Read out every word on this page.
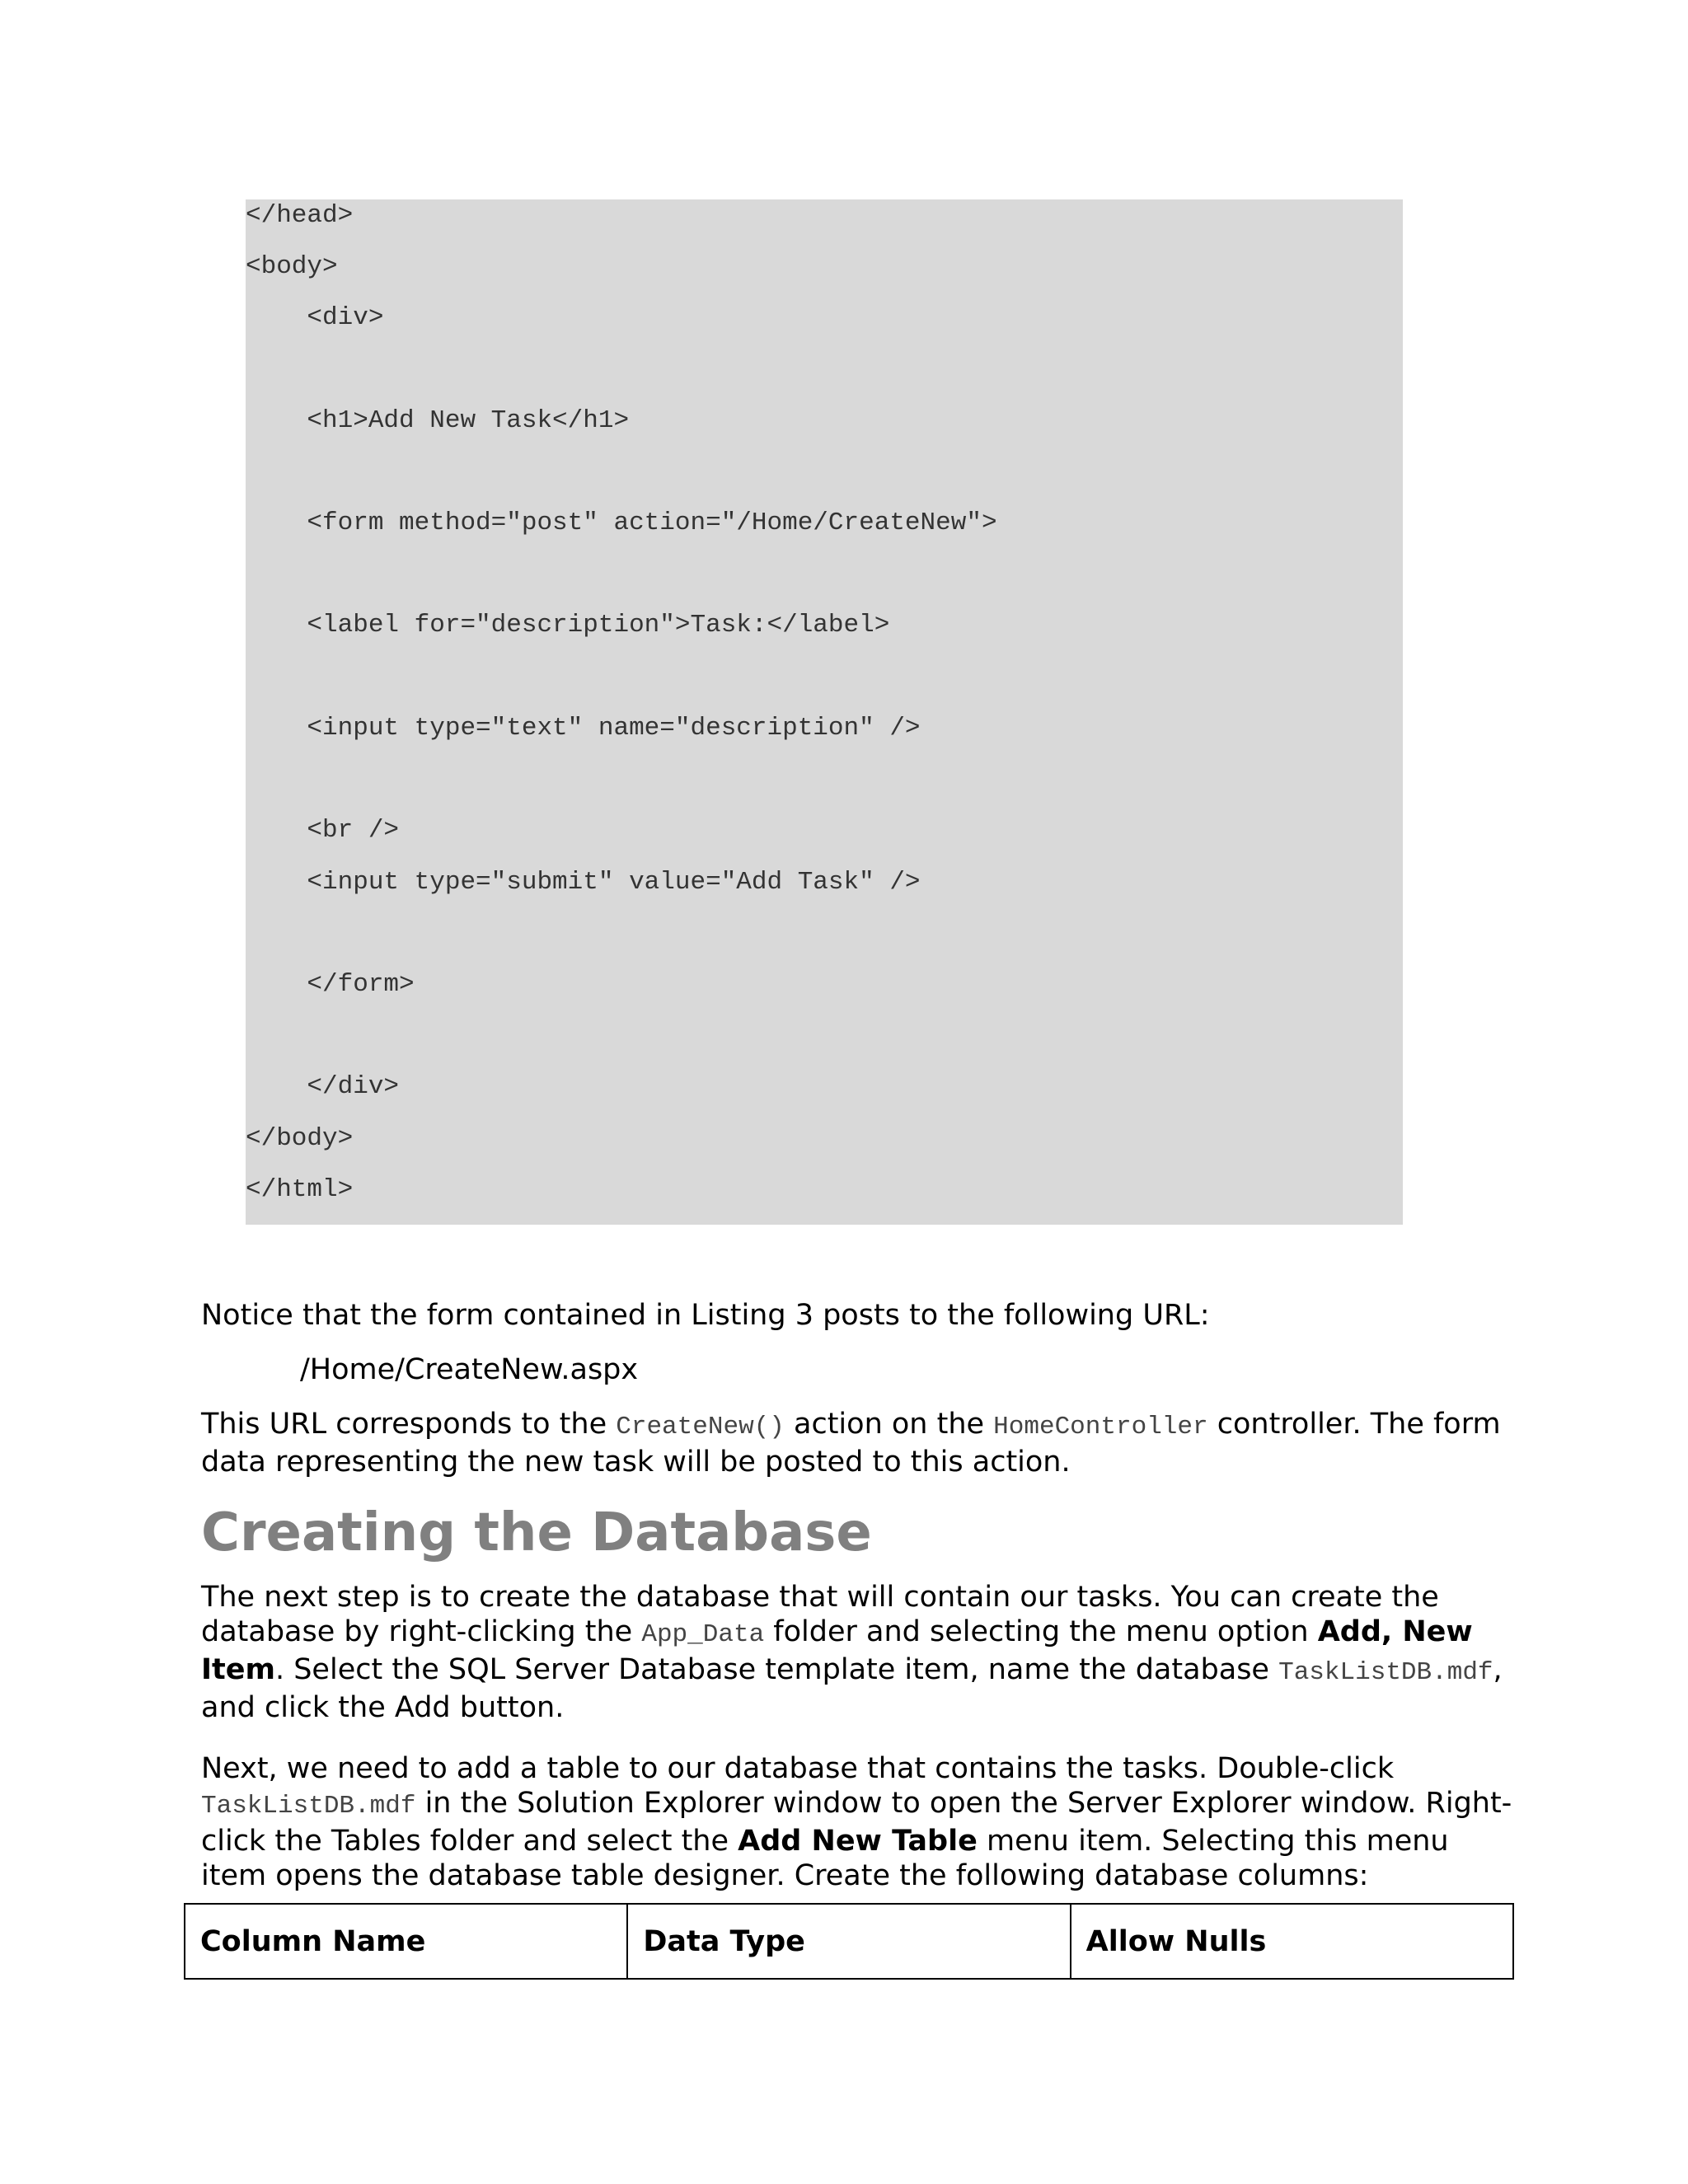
</head>
<body>
<div>
<h1>Add New Task</h1>
<form method="post" action="/Home/CreateNew">
<label for="description">Task:</label>
<input type="text" name="description" />
<br />
<input type="submit" value="Add Task" />
</form>
</div>
</body>
</html>

Notice that the form contained in Listing 3 posts to the following URL:

/Home/CreateNew.aspx

This URL corresponds to the CreateNew() action on the HomeController controller. The form data representing the new task will be posted to this action.

Creating the Database

The next step is to create the database that will contain our tasks. You can create the database by right-clicking the App_Data folder and selecting the menu option Add, New Item. Select the SQL Server Database template item, name the database TaskListDB.mdf, and click the Add button.

Next, we need to add a table to our database that contains the tasks. Double-click TaskListDB.mdf in the Solution Explorer window to open the Server Explorer window. Right-click the Tables folder and select the Add New Table menu item. Selecting this menu item opens the database table designer. Create the following database columns:

Column Name	Data Type	Allow Nulls
